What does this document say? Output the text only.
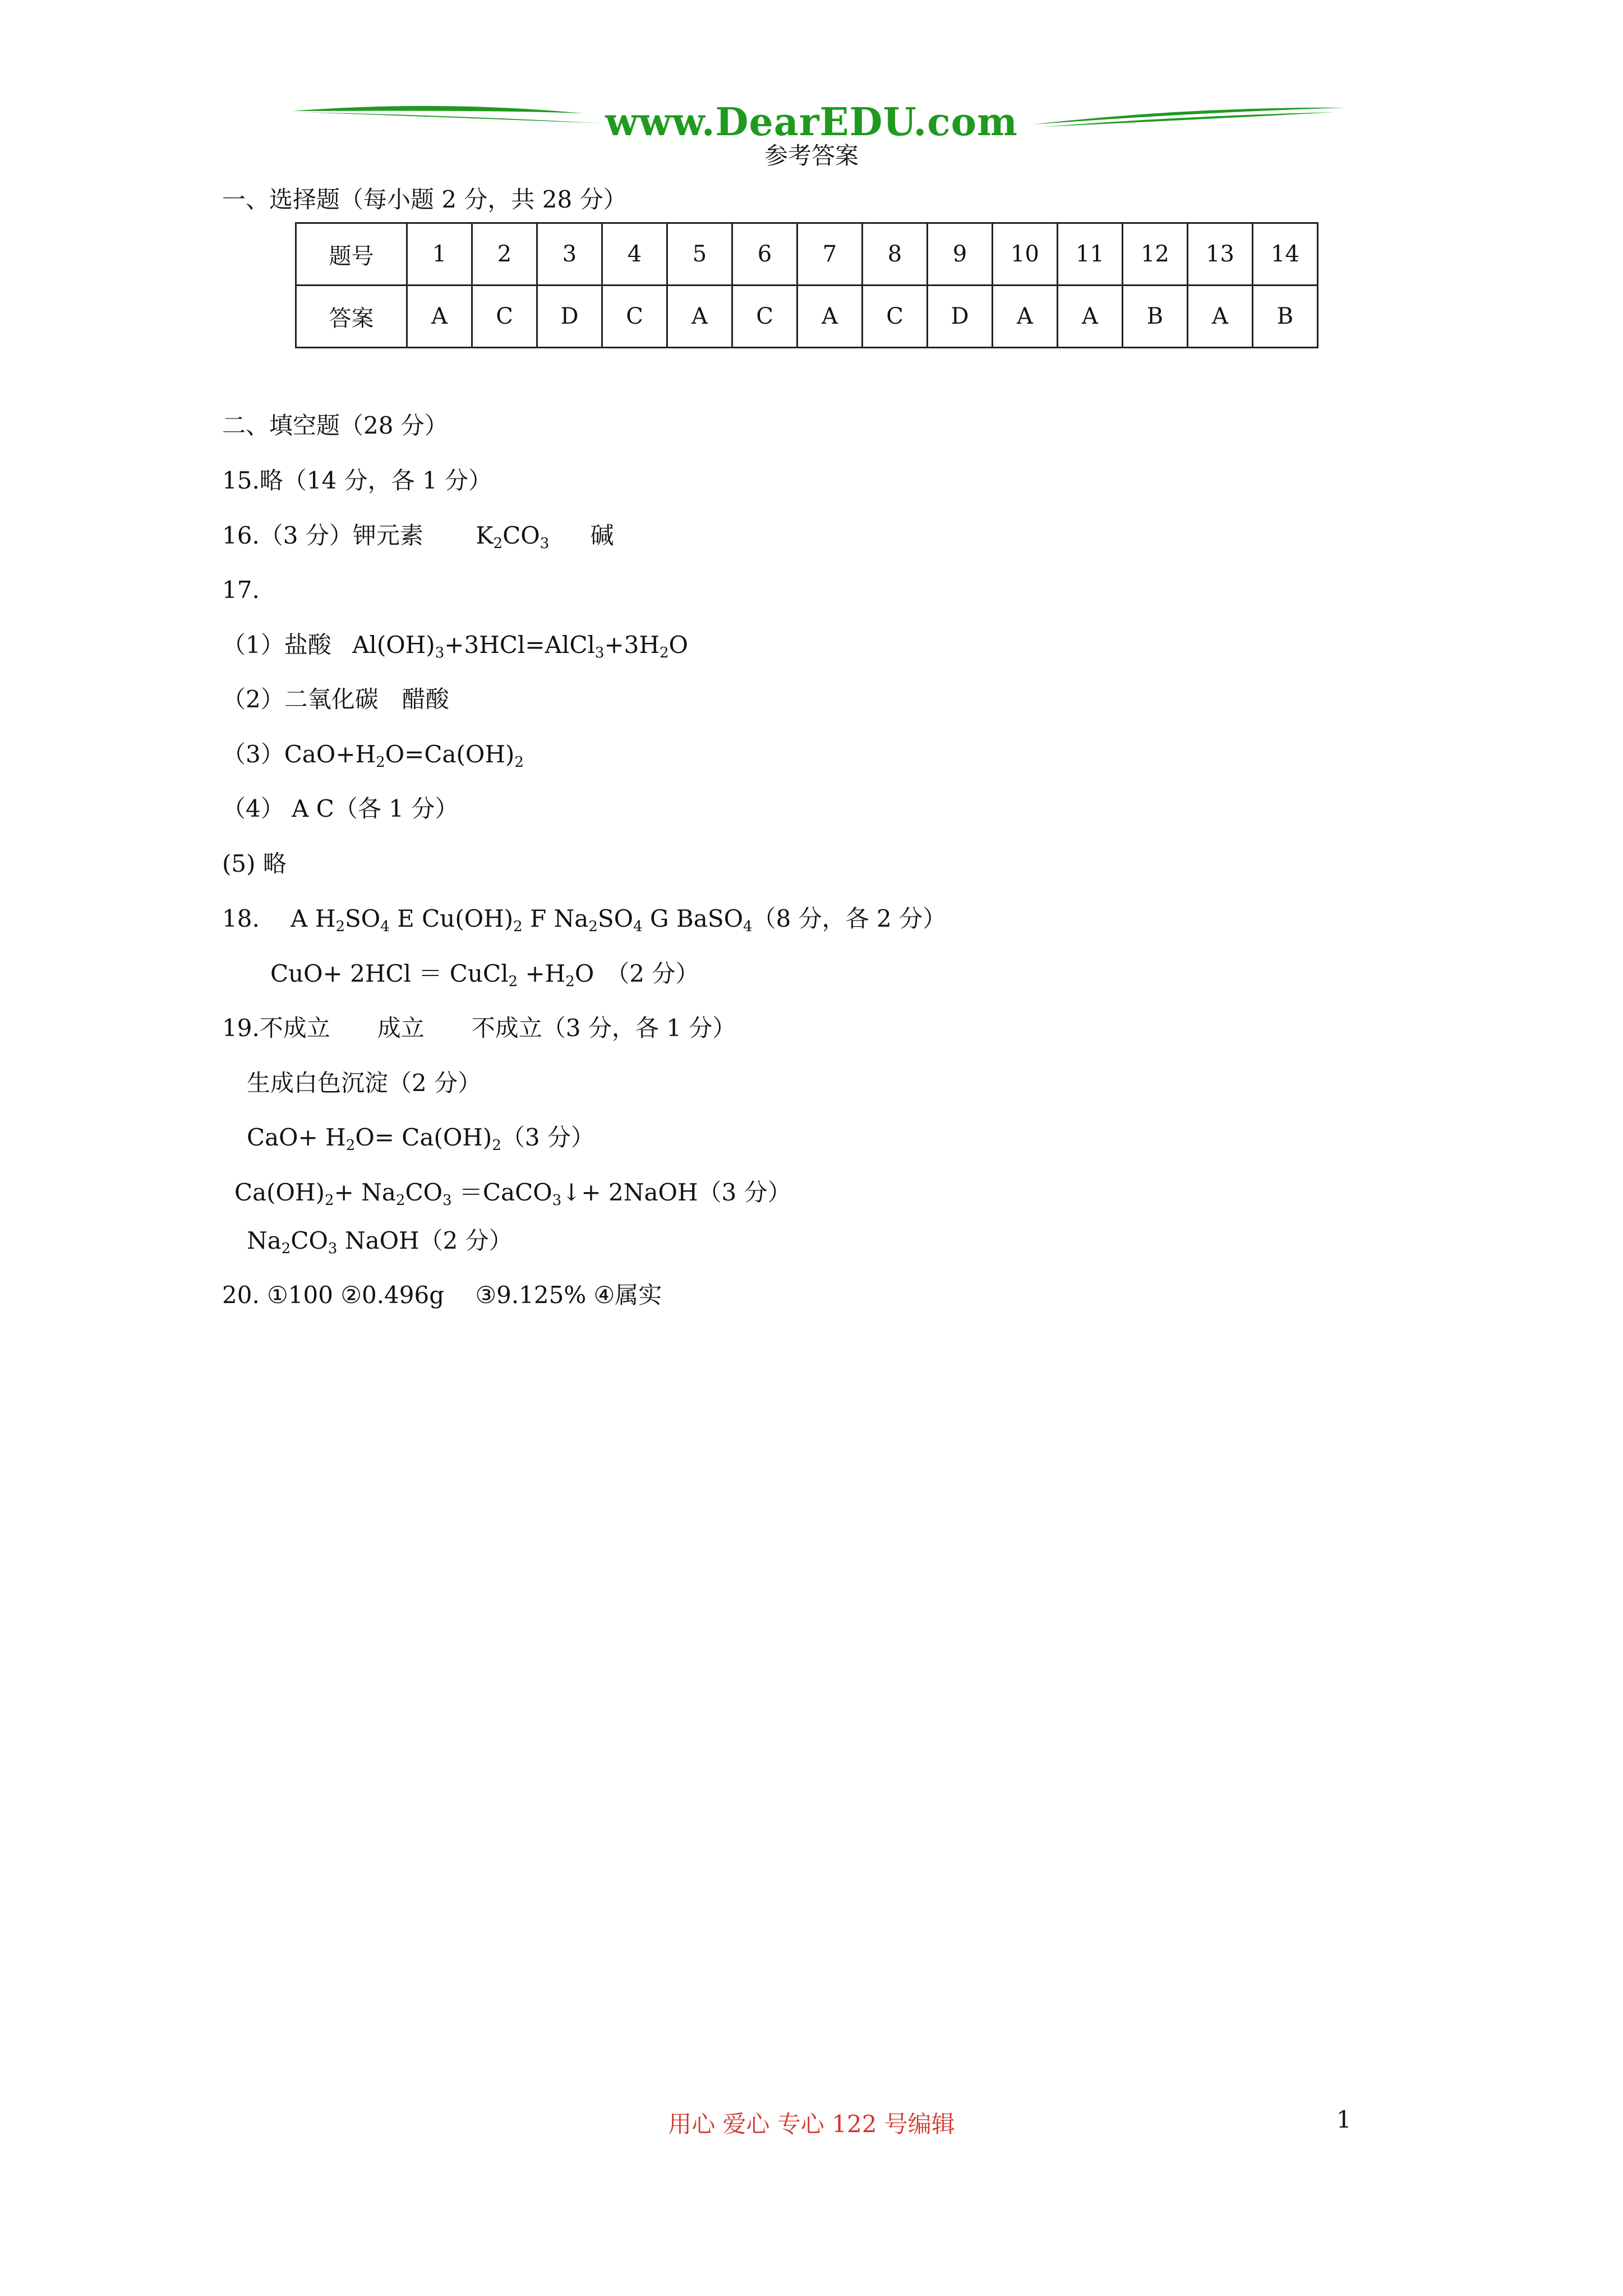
www.DearEDU.com
参考答案
一、选择题（每小题 2 分，共 28 分）
题号	1	2	3	4	5	6	7	8	9	10	11	12	13	14
答案	A	C	D	C	A	C	A	C	D	A	A	B	A	B
二、填空题（28 分）
15.略（14 分，各 1 分）
16.（3 分）钾元素 $K_2CO_3$ 碱
17.
（1）盐酸 $Al(OH)_3+3HCl=AlCl_3+3H_2O$
（2）二氧化碳　醋酸
$(3)CaO+H_2O=Ca(OH)_2$
（4） A C（各 1 分）
(5) 略
18.　 A $H_2SO_4$ E $Cu(OH)_2$ F $Na_2SO_4$ G BaSO$_4$（8 分，各 2 分）
CuO+ 2HCl ＝ CuCl$_2$ $+H_2O$　（2 分）
19.不成立　　成立　　不成立（3 分，各 1 分）
生成白色沉淀（2 分）
$CaO+ H_2O= Ca(OH)_2(3$ 分）
$Ca(OH)_2+ Na_2CO_3$ ＝CaCO$_3$↓+ 2NaOH（3 分）
$Na_2CO_3$ NaOH（2 分）
20. ①100 ②0.496g　 ③9.125% ④属实
用心 爱心 专心 122 号编辑	1
